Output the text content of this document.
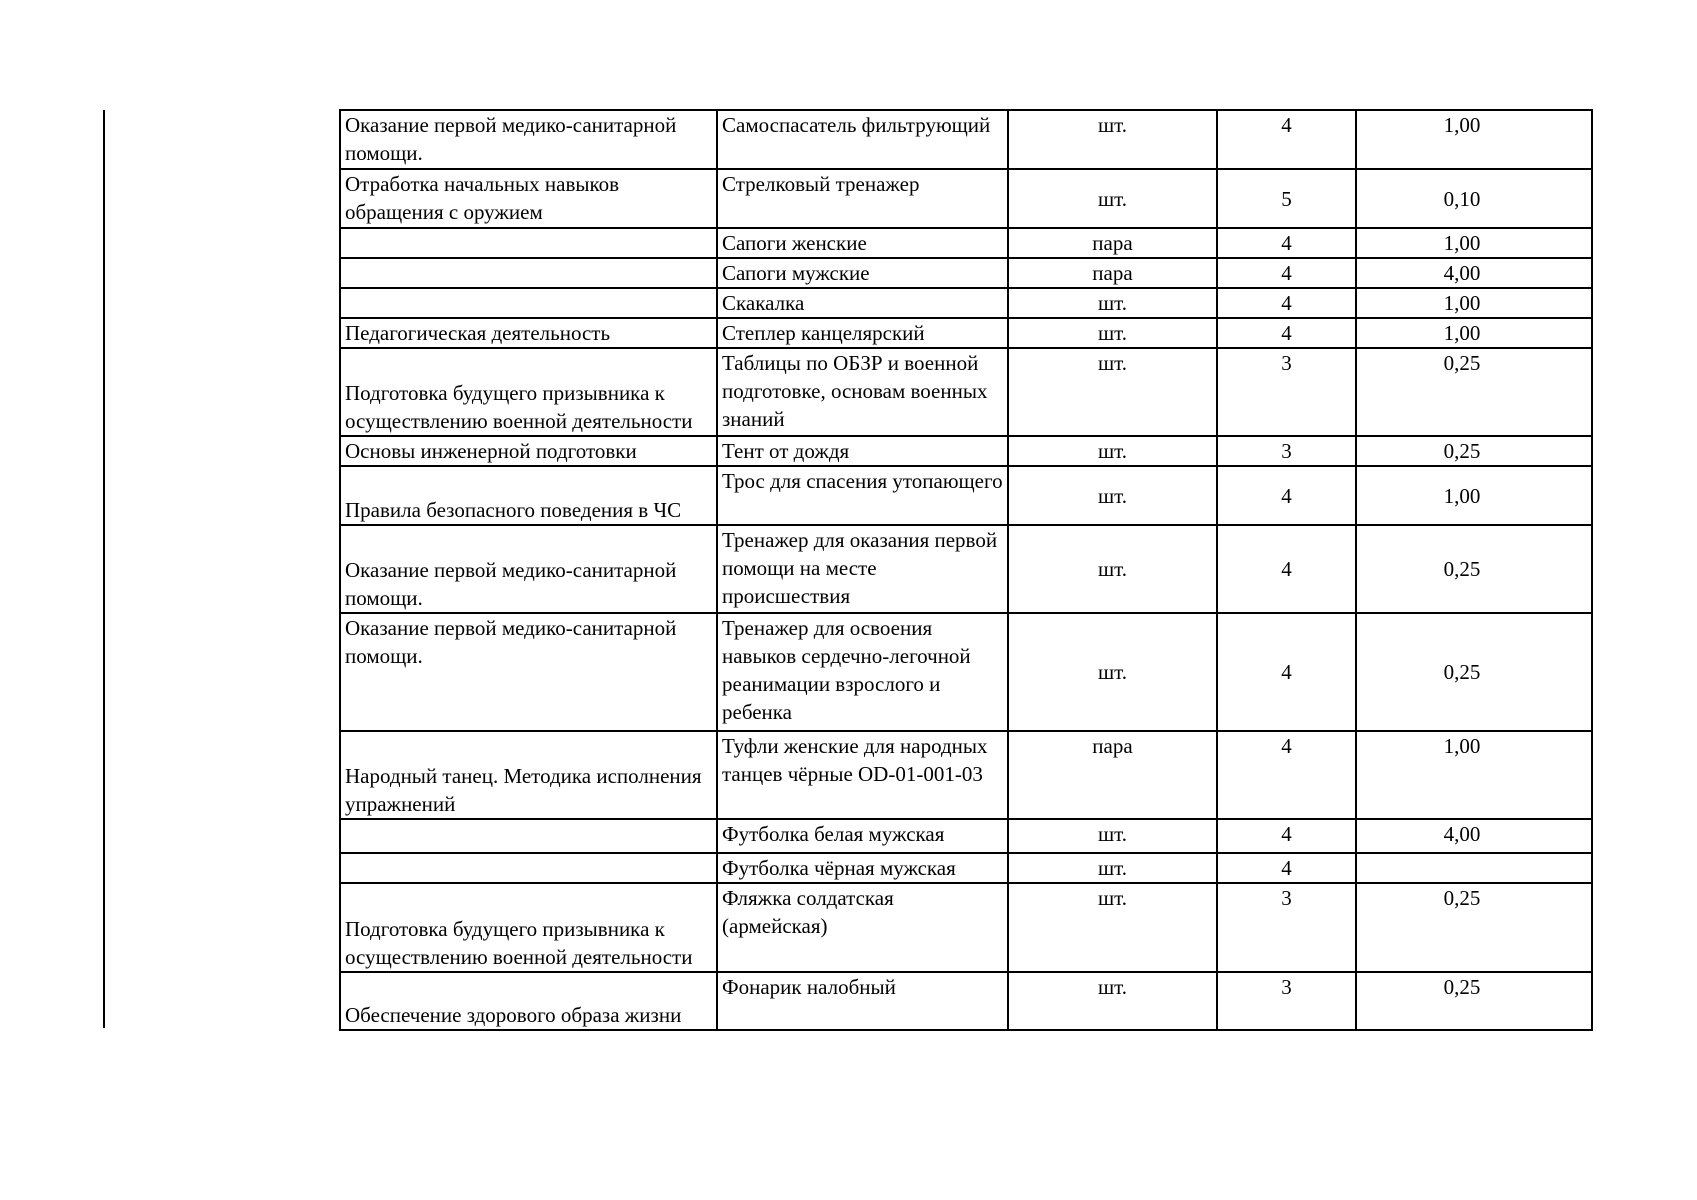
Оказание первой медико-санитарной помощи.	Самоспасатель фильтрующий	шт.	4	1,00
Отработка начальных навыков обращения с оружием	Стрелковый тренажер	шт.	5	0,10
	Сапоги женские	пара	4	1,00
	Сапоги мужские	пара	4	4,00
	Скакалка	шт.	4	1,00
Педагогическая деятельность	Степлер канцелярский	шт.	4	1,00
Подготовка будущего призывника к осуществлению военной деятельности	Таблицы по ОБЗР и военной подготовке, основам военных знаний	шт.	3	0,25
Основы инженерной подготовки	Тент от дождя	шт.	3	0,25
Правила безопасного поведения в ЧС	Трос для спасения утопающего	шт.	4	1,00
Оказание первой медико-санитарной помощи.	Тренажер для оказания первой помощи на месте происшествия	шт.	4	0,25
Оказание первой медико-санитарной помощи.	Тренажер для освоения навыков сердечно-легочной реанимации взрослого и ребенка	шт.	4	0,25
Народный танец. Методика исполнения упражнений	Туфли женские для народных танцев чёрные OD-01-001-03	пара	4	1,00
	Футболка белая мужская	шт.	4	4,00
	Футболка чёрная мужская	шт.	4	
Подготовка будущего призывника к осуществлению военной деятельности	Фляжка солдатская (армейская)	шт.	3	0,25
Обеспечение здорового образа жизни	Фонарик налобный	шт.	3	0,25
